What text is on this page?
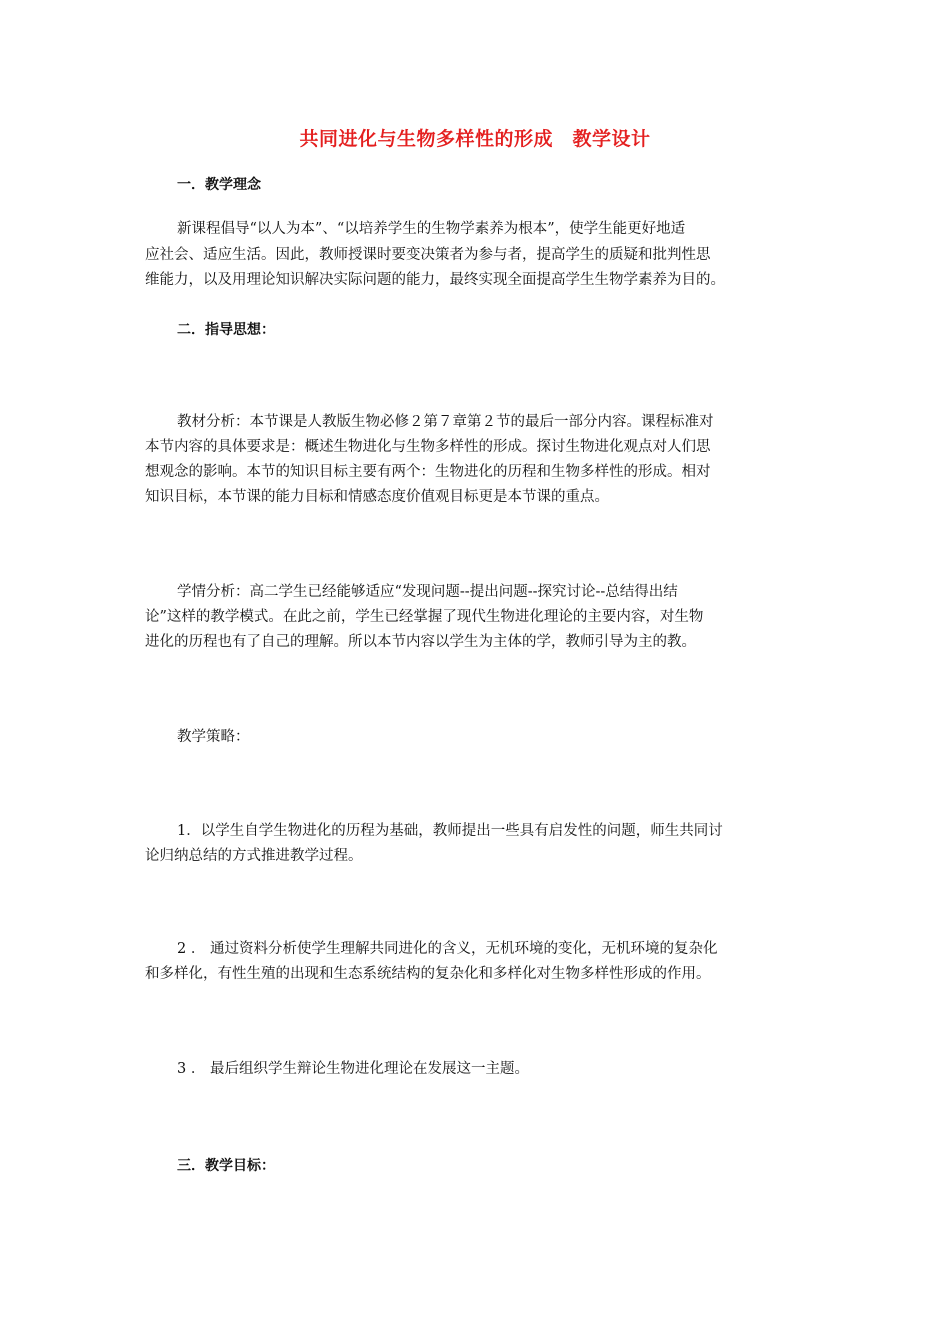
共同进化与生物多样性的形成　教学设计
一．教学理念
新课程倡导“以人为本”、“以培养学生的生物学素养为根本”，使学生能更好地适
应社会、适应生活。因此，教师授课时要变决策者为参与者，提高学生的质疑和批判性思
维能力，以及用理论知识解决实际问题的能力，最终实现全面提高学生生物学素养为目的。
二．指导思想：
教材分析：本节课是人教版生物必修２第７章第２节的最后一部分内容。课程标准对
本节内容的具体要求是：概述生物进化与生物多样性的形成。探讨生物进化观点对人们思
想观念的影响。本节的知识目标主要有两个：生物进化的历程和生物多样性的形成。相对
知识目标，本节课的能力目标和情感态度价值观目标更是本节课的重点。
学情分析：高二学生已经能够适应“发现问题--提出问题--探究讨论--总结得出结
论”这样的教学模式。在此之前，学生已经掌握了现代生物进化理论的主要内容，对生物
进化的历程也有了自己的理解。所以本节内容以学生为主体的学，教师引导为主的教。
教学策略：
1．以学生自学生物进化的历程为基础，教师提出一些具有启发性的问题，师生共同讨
论归纳总结的方式推进教学过程。
2 ． 通过资料分析使学生理解共同进化的含义，无机环境的变化，无机环境的复杂化
和多样化，有性生殖的出现和生态系统结构的复杂化和多样化对生物多样性形成的作用。
3 ． 最后组织学生辩论生物进化理论在发展这一主题。
三．教学目标：
